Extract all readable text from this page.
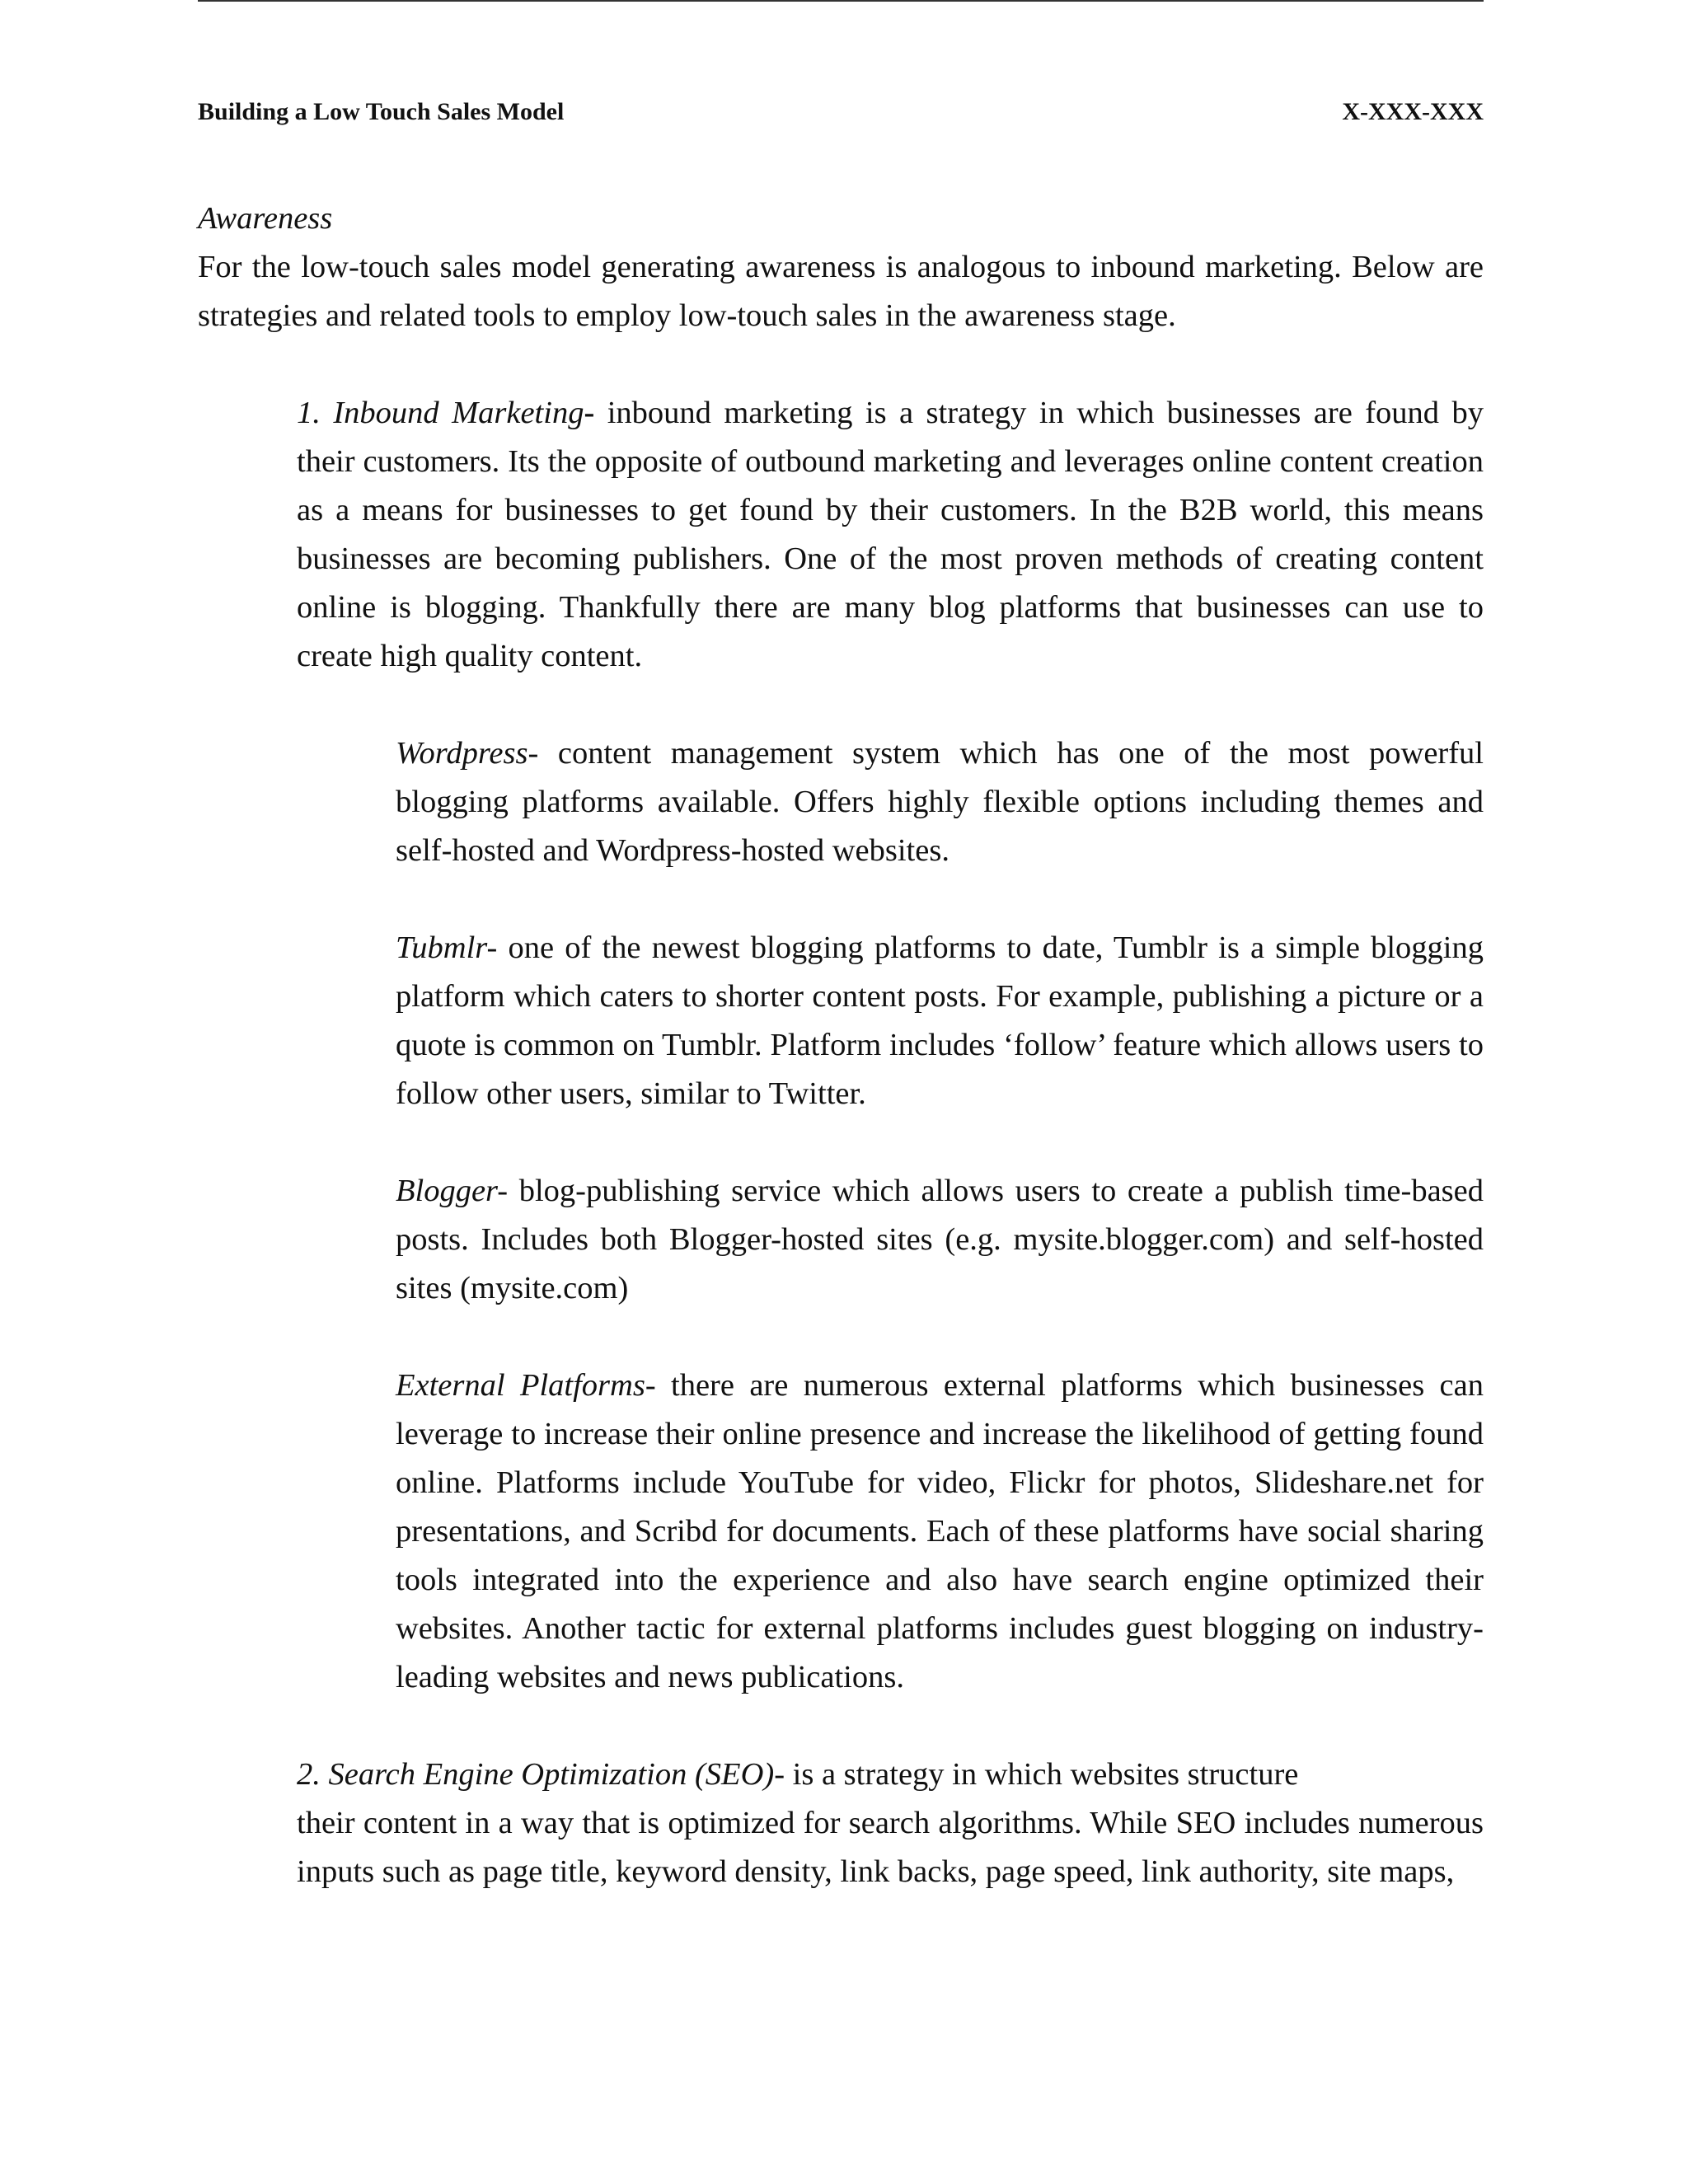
Building a Low Touch Sales Model	X-XXX-XXX

Awareness

For the low-touch sales model generating awareness is analogous to inbound marketing. Below are strategies and related tools to employ low-touch sales in the awareness stage.

1. Inbound Marketing- inbound marketing is a strategy in which businesses are found by their customers. Its the opposite of outbound marketing and leverages online content creation as a means for businesses to get found by their customers. In the B2B world, this means businesses are becoming publishers. One of the most proven methods of creating content online is blogging. Thankfully there are many blog platforms that businesses can use to create high quality content.

Wordpress- content management system which has one of the most powerful blogging platforms available. Offers highly flexible options including themes and self-hosted and Wordpress-hosted websites.

Tubmlr- one of the newest blogging platforms to date, Tumblr is a simple blogging platform which caters to shorter content posts. For example, publishing a picture or a quote is common on Tumblr. Platform includes ‘follow’ feature which allows users to follow other users, similar to Twitter.

Blogger- blog-publishing service which allows users to create a publish time-based posts. Includes both Blogger-hosted sites (e.g. mysite.blogger.com) and self-hosted sites (mysite.com)

External Platforms- there are numerous external platforms which businesses can leverage to increase their online presence and increase the likelihood of getting found online. Platforms include YouTube for video, Flickr for photos, Slideshare.net for presentations, and Scribd for documents. Each of these platforms have social sharing tools integrated into the experience and also have search engine optimized their websites. Another tactic for external platforms includes guest blogging on industry-leading websites and news publications.

2. Search Engine Optimization (SEO)- is a strategy in which websites structure

their content in a way that is optimized for search algorithms. While SEO includes numerous inputs such as page title, keyword density, link backs, page speed, link authority, site maps,
